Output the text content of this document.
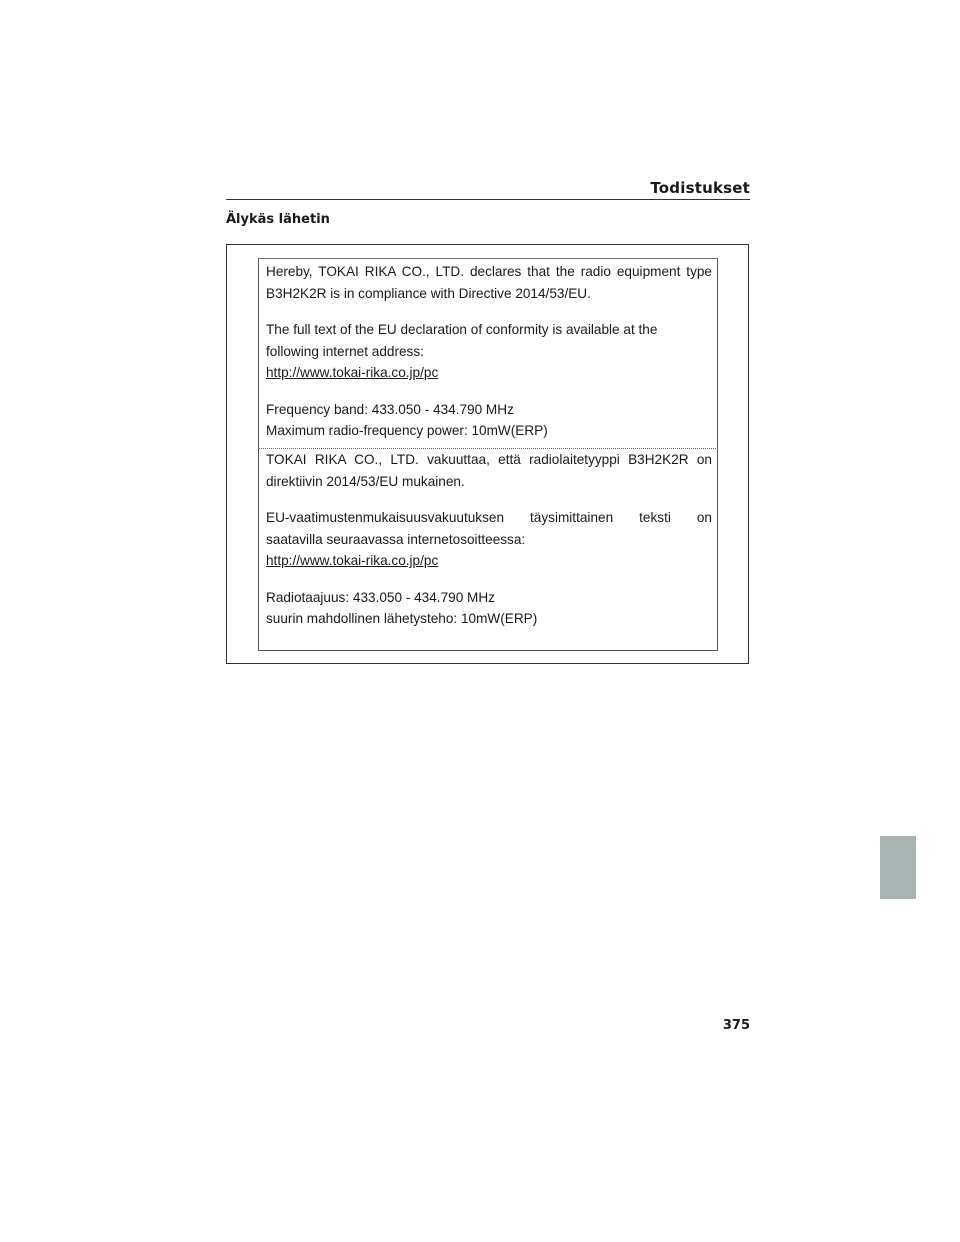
Todistukset
Älykäs lähetin

Hereby, TOKAI RIKA CO., LTD. declares that the radio equipment type

B3H2K2R is in compliance with Directive 2014/53/EU.

The full text of the EU declaration of conformity is available at the

following internet address:

http://www.tokai-rika.co.jp/pc

Frequency band: 433.050 - 434.790 MHz

Maximum radio-frequency power: 10mW(ERP)

TOKAI RIKA CO., LTD. vakuuttaa, että radiolaitetyyppi B3H2K2R on

direktiivin 2014/53/EU mukainen.

EU-vaatimustenmukaisuusvakuutuksen täysimittainen teksti on

saatavilla seuraavassa internetosoitteessa:

http://www.tokai-rika.co.jp/pc

Radiotaajuus: 433.050 - 434.790 MHz

suurin mahdollinen lähetysteho: 10mW(ERP)

375
